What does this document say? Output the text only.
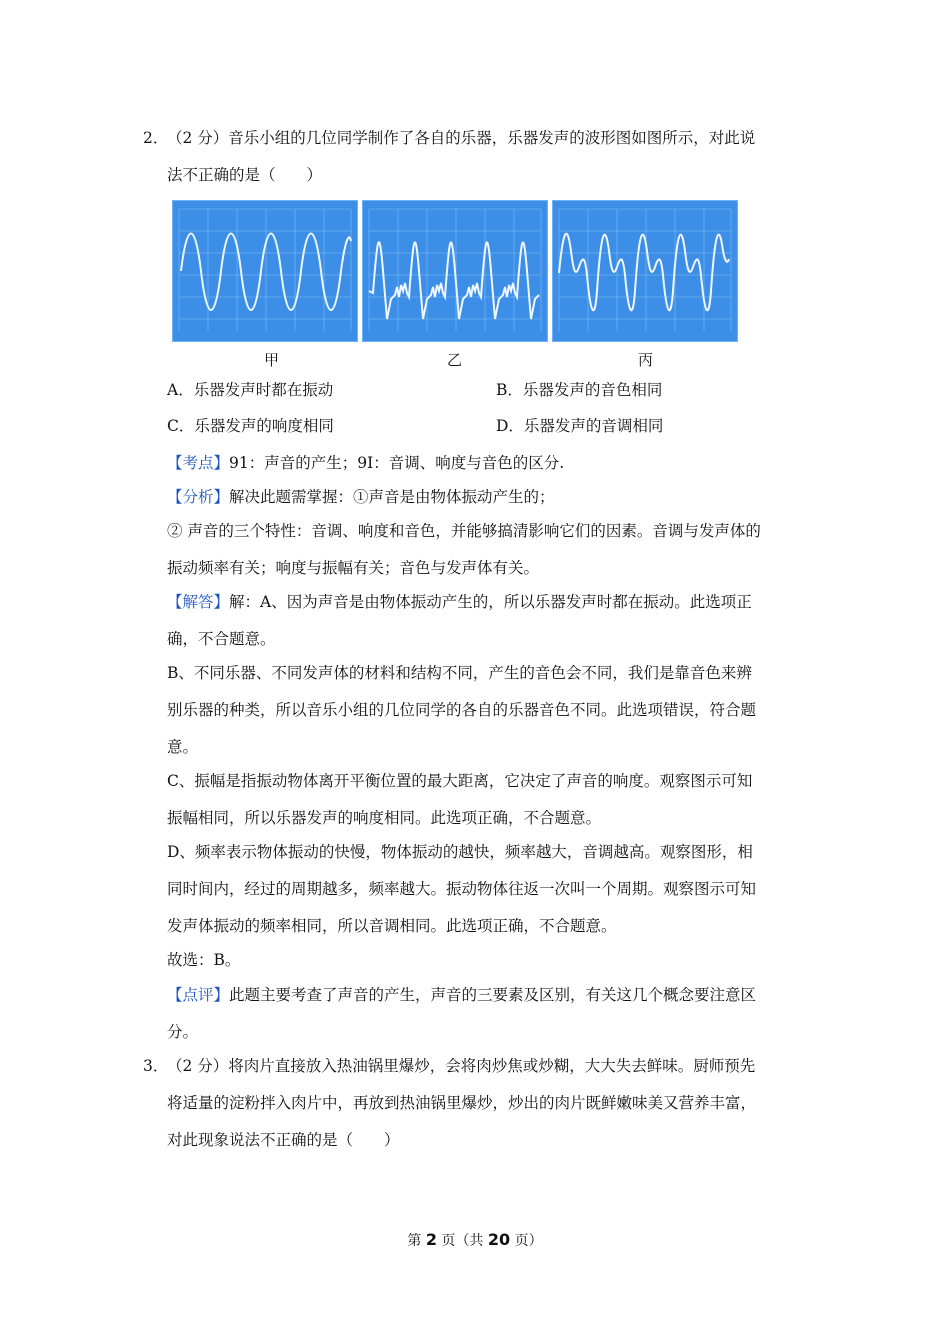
2．
（2 分）音乐小组的几位同学制作了各自的乐器，乐器发声的波形图如图所示，对此说
法不正确的是（　　）
甲	乙	丙
A．乐器发声时都在振动	B．乐器发声的音色相同
C．乐器发声的响度相同	D．乐器发声的音调相同
【考点】91：声音的产生；9I：音调、响度与音色的区分.
【分析】解决此题需掌握：①声音是由物体振动产生的；
② 声音的三个特性：音调、响度和音色，并能够搞清影响它们的因素。音调与发声体的
振动频率有关；响度与振幅有关；音色与发声体有关。
【解答】解：A、因为声音是由物体振动产生的，所以乐器发声时都在振动。此选项正
确，不合题意。
B、不同乐器、不同发声体的材料和结构不同，产生的音色会不同，我们是靠音色来辨
别乐器的种类，所以音乐小组的几位同学的各自的乐器音色不同。此选项错误，符合题
意。
C、振幅是指振动物体离开平衡位置的最大距离，它决定了声音的响度。观察图示可知
振幅相同，所以乐器发声的响度相同。此选项正确，不合题意。
D、频率表示物体振动的快慢，物体振动的越快，频率越大，音调越高。观察图形，相
同时间内，经过的周期越多，频率越大。振动物体往返一次叫一个周期。观察图示可知
发声体振动的频率相同，所以音调相同。此选项正确，不合题意。
故选：B。
【点评】此题主要考查了声音的产生，声音的三要素及区别，有关这几个概念要注意区
分。
3．
（2 分）将肉片直接放入热油锅里爆炒，会将肉炒焦或炒糊，大大失去鲜味。厨师预先
将适量的淀粉拌入肉片中，再放到热油锅里爆炒，炒出的肉片既鲜嫩味美又营养丰富，
对此现象说法不正确的是（　　）
第 2 页（共 20 页）
